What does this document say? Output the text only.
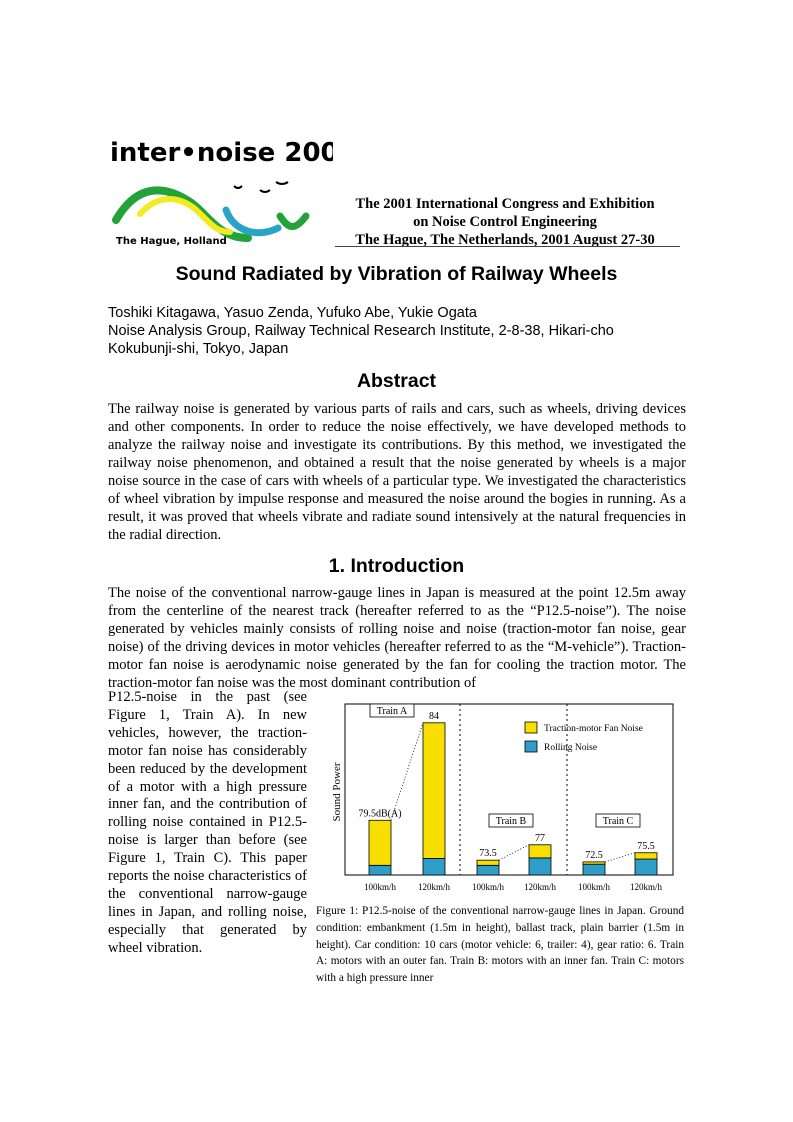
inter•noise 2001
The Hague, Holland
The 2001 International Congress and Exhibition
on Noise Control Engineering
The Hague, The Netherlands, 2001 August 27-30
Sound Radiated by Vibration of Railway Wheels
Toshiki Kitagawa, Yasuo Zenda, Yufuko Abe, Yukie Ogata
Noise Analysis Group, Railway Technical Research Institute, 2-8-38, Hikari-cho
Kokubunji-shi, Tokyo, Japan
Abstract
The railway noise is generated by various parts of rails and cars, such as wheels, driving devices and other components. In order to reduce the noise effectively, we have developed methods to analyze the railway noise and investigate its contributions. By this method, we investigated the railway noise phenomenon, and obtained a result that the noise generated by wheels is a major noise source in the case of cars with wheels of a particular type. We investigated the characteristics of wheel vibration by impulse response and measured the noise around the bogies in running. As a result, it was proved that wheels vibrate and radiate sound intensively at the natural frequencies in the radial direction.
1. Introduction
The noise of the conventional narrow-gauge lines in Japan is measured at the point 12.5m away from the centerline of the nearest track (hereafter referred to as the “P12.5-noise”). The noise generated by vehicles mainly consists of rolling noise and noise (traction-motor fan noise, gear noise) of the driving devices in motor vehicles (hereafter referred to as the “M-vehicle”). Traction-motor fan noise is aerodynamic noise generated by the fan for cooling the traction motor. The traction-motor fan noise was the most dominant contribution of
P12.5-noise in the past (see Figure 1, Train A). In new vehicles, however, the traction-motor fan noise has considerably been reduced by the development of a motor with a high pressure inner fan, and the contribution of rolling noise contained in P12.5-noise is larger than before (see Figure 1, Train C). This paper reports the noise characteristics of the conventional narrow-gauge lines in Japan, and rolling noise, especially that generated by wheel vibration.
Sound Power 79.5dB(A)
100km/h
84
120km/h
73.5
100km/h
77
120km/h
72.5
100km/h
75.5
120km/h
Train A
Train B	Train C
Traction-motor Fan Noise
Rolling Noise
Figure 1: P12.5-noise of the conventional narrow-gauge lines in Japan. Ground condition: embankment (1.5m in height), ballast track, plain barrier (1.5m in height). Car condition: 10 cars (motor vehicle: 6, trailer: 4), gear ratio: 6. Train A: motors with an outer fan. Train B: motors with an inner fan. Train C: motors with a high pressure inner
